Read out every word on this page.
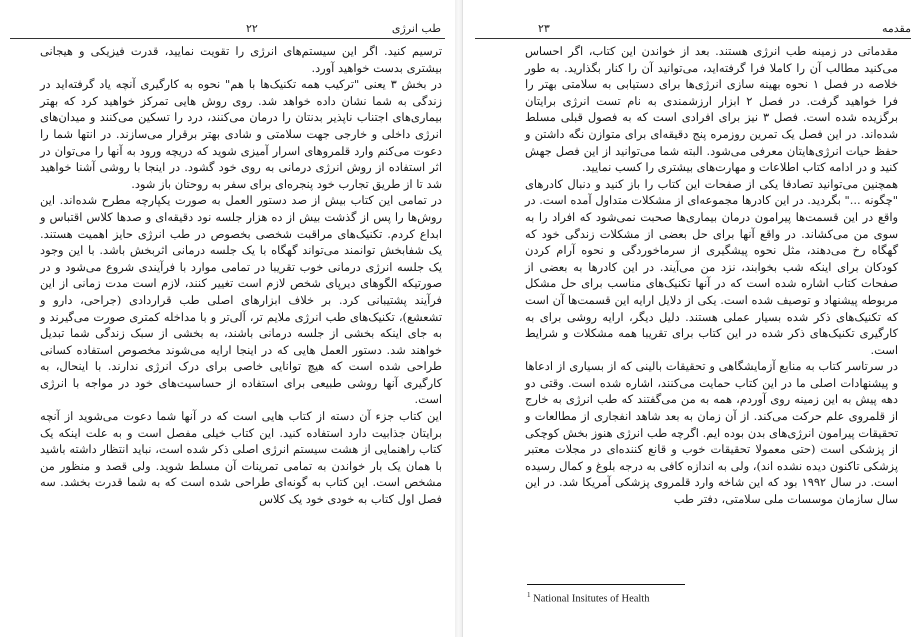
طب انرژی
۲۲

ترسیم کنید. اگر این سیستم‌های انرژی را تقویت نمایید، قدرت فیزیکی و هیجانی بیشتری بدست خواهید آورد.

در بخش ۳ یعنی "ترکیب همه تکنیک‌ها با هم" نحوه به کارگیری آنچه یاد گرفته‌اید در زندگی به شما نشان داده خواهد شد. روی روش هایی تمرکز خواهید کرد که بهتر بیماری‌های اجتناب ناپذیر بدنتان را درمان می‌کنند، درد را تسکین می‌کنند و میدان‌های انرژی داخلی و خارجی جهت سلامتی و شادی بهتر برقرار می‌سازند. در انتها شما را دعوت می‌کنم وارد قلمروهای اسرار آمیزی شوید که دریچه ورود به آنها را می‌توان در اثر استفاده از روش انرژی درمانی به روی خود گشود. در اینجا با روشی آشنا خواهید شد تا از طریق تجارب خود پنجره‌ای برای سفر به روحتان باز شود.

در تمامی این کتاب بیش از صد دستور العمل به صورت یکپارچه مطرح شده‌اند. این روش‌ها را پس از گذشت بیش از ده هزار جلسه نود دقیقه‌ای و صدها کلاس اقتباس و ابداع کردم. تکنیک‌های مراقبت شخصی بخصوص در طب انرژی حایز اهمیت هستند. یک شفابخش توانمند می‌تواند گهگاه با یک جلسه درمانی اثربخش باشد. با این وجود یک جلسه انرژی درمانی خوب تقریبا در تمامی موارد با فرآیندی شروع می‌شود و در صورتیکه الگوهای دیرپای شخص لازم است تغییر کنند، لازم است مدت زمانی از این فرآیند پشتیبانی کرد. بر خلاف ابزارهای اصلی طب قراردادی (جراحی، دارو و تشعشع)، تکنیک‌های طب انرژی ملایم تر، آلی‌تر و با مداخله کمتری صورت می‌گیرند و به جای اینکه بخشی از جلسه درمانی باشند، به بخشی از سبک زندگی شما تبدیل خواهند شد. دستور العمل هایی که در اینجا ارایه می‌شوند مخصوص استفاده کسانی طراحی شده است که هیچ توانایی خاصی برای درک انرژی ندارند. با اینحال، به کارگیری آنها روشی طبیعی برای استفاده از حساسیت‌های خود در مواجه با انرژی است.

این کتاب جزء آن دسته از کتاب هایی است که در آنها شما دعوت می‌شوید از آنچه برایتان جذابیت دارد استفاده کنید. این کتاب خیلی مفصل است و به علت اینکه یک کتاب راهنمایی از هشت سیستم انرژی اصلی ذکر شده است، نباید انتظار داشته باشید با همان یک بار خواندن به تمامی تمرینات آن مسلط شوید. ولی قصد و منظور من مشخص است. این کتاب به گونه‌ای طراحی شده است که به شما قدرت بخشد. سه فصل اول کتاب به خودی خود یک کلاس

مقدمه
۲۳

مقدماتی در زمینه طب انرژی هستند. بعد از خواندن این کتاب، اگر احساس می‌کنید مطالب آن را کاملا فرا گرفته‌اید، می‌توانید آن را کنار بگذارید. به طور خلاصه در فصل ۱ نحوه بهینه سازی انرژی‌ها برای دستیابی به سلامتی بهتر را فرا خواهید گرفت. در فصل ۲ ابزار ارزشمندی به نام تست انرژی برایتان برگزیده شده است. فصل ۳ نیز برای افرادی است که به فصول قبلی مسلط شده‌اند. در این فصل یک تمرین روزمره پنج دقیقه‌ای برای متوازن نگه داشتن و حفظ حیات انرژی‌هایتان معرفی می‌شود. البته شما می‌توانید از این فصل جهش کنید و در ادامه کتاب اطلاعات و مهارت‌های بیشتری را کسب نمایید.

همچنین می‌توانید تصادفا یکی از صفحات این کتاب را باز کنید و دنبال کادرهای "چگونه ..." بگردید. در این کادرها مجموعه‌ای از مشکلات متداول آمده است. در واقع در این قسمت‌ها پیرامون درمان بیماری‌ها صحبت نمی‌شود که افراد را به سوی من می‌کشاند. در واقع آنها برای حل بعضی از مشکلات زندگی خود که گهگاه رخ می‌دهند، مثل نحوه پیشگیری از سرماخوردگی و نحوه آرام کردن کودکان برای اینکه شب بخوابند، نزد من می‌آیند. در این کادرها به بعضی از صفحات کتاب اشاره شده است که در آنها تکنیک‌های مناسب برای حل مشکل مربوطه پیشنهاد و توصیف شده است. یکی از دلایل ارایه این قسمت‌ها آن است که تکنیک‌های ذکر شده بسیار عملی هستند. دلیل دیگر، ارایه روشی برای به کارگیری تکنیک‌های ذکر شده در این کتاب برای تقریبا همه مشکلات و شرایط است.

در سرتاسر کتاب به منابع آزمایشگاهی و تحقیقات بالینی که از بسیاری از ادعاها و پیشنهادات اصلی ما در این کتاب حمایت می‌کنند، اشاره شده است. وقتی دو دهه پیش به این زمینه روی آوردم، همه به من می‌گفتند که طب انرژی به خارج از قلمروی علم حرکت می‌کند. از آن زمان به بعد شاهد انفجاری از مطالعات و تحقیقات پیرامون انرژی‌های بدن بوده ایم. اگرچه طب انرژی هنوز بخش کوچکی از پزشکی است (حتی معمولا تحقیقات خوب و قانع کننده‌ای در مجلات معتبر پزشکی تاکنون دیده نشده اند)، ولی به اندازه کافی به درجه بلوغ و کمال رسیده است. در سال ۱۹۹۲ بود که این شاخه وارد قلمروی پزشکی آمریکا شد. در این سال سازمان موسسات ملی سلامتی، دفتر طب

$^1$ National Insitutes of Health
